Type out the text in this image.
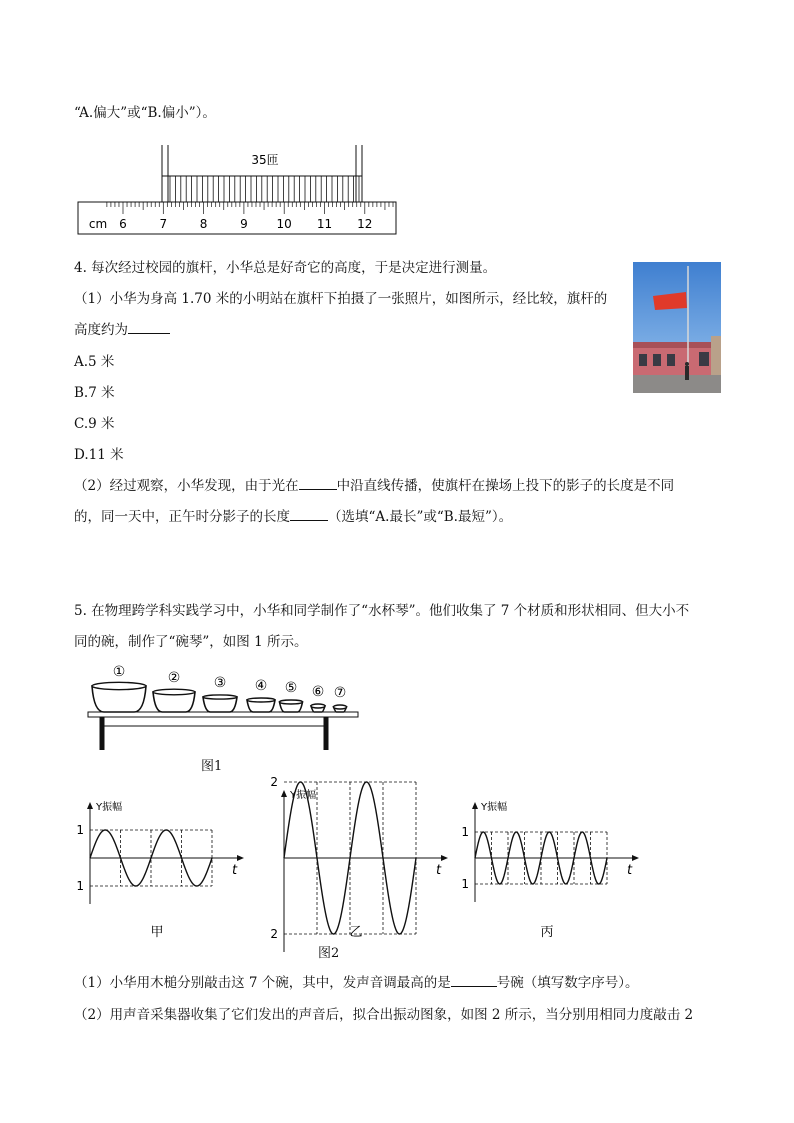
“A.偏大”或“B.偏小”）。
35匝
cm 6	7	8	9 10 11 12
4. 每次经过校园的旗杆，小华总是好奇它的高度，于是决定进行测量。
（1）小华为身高 1.70 米的小明站在旗杆下拍摄了一张照片，如图所示，经比较，旗杆的
高度约为
A.5 米
B.7 米
C.9 米
D.11 米
（2）经过观察，小华发现，由于光在	中沿直线传播，使旗杆在操场上投下的影子的长度是不同
的，同一天中，正午时分影子的长度	（选填“A.最长”或“B.最短”）。
5. 在物理跨学科实践学习中，小华和同学制作了“水杯琴”。他们收集了 7 个材质和形状相同、但大小不
同的碗，制作了“碗琴”，如图 1 所示。
①	② ③ ④ ⑤ ⑥ ⑦
图1
Y振幅
t
1
1
甲
Y振幅
t
2
2	乙
Y振幅
t
1
1
丙
图2
（1）小华用木槌分别敲击这 7 个碗，其中，发声音调最高的是	号碗（填写数字序号）。
（2）用声音采集器收集了它们发出的声音后，拟合出振动图象，如图 2 所示，当分别用相同力度敲击 2
